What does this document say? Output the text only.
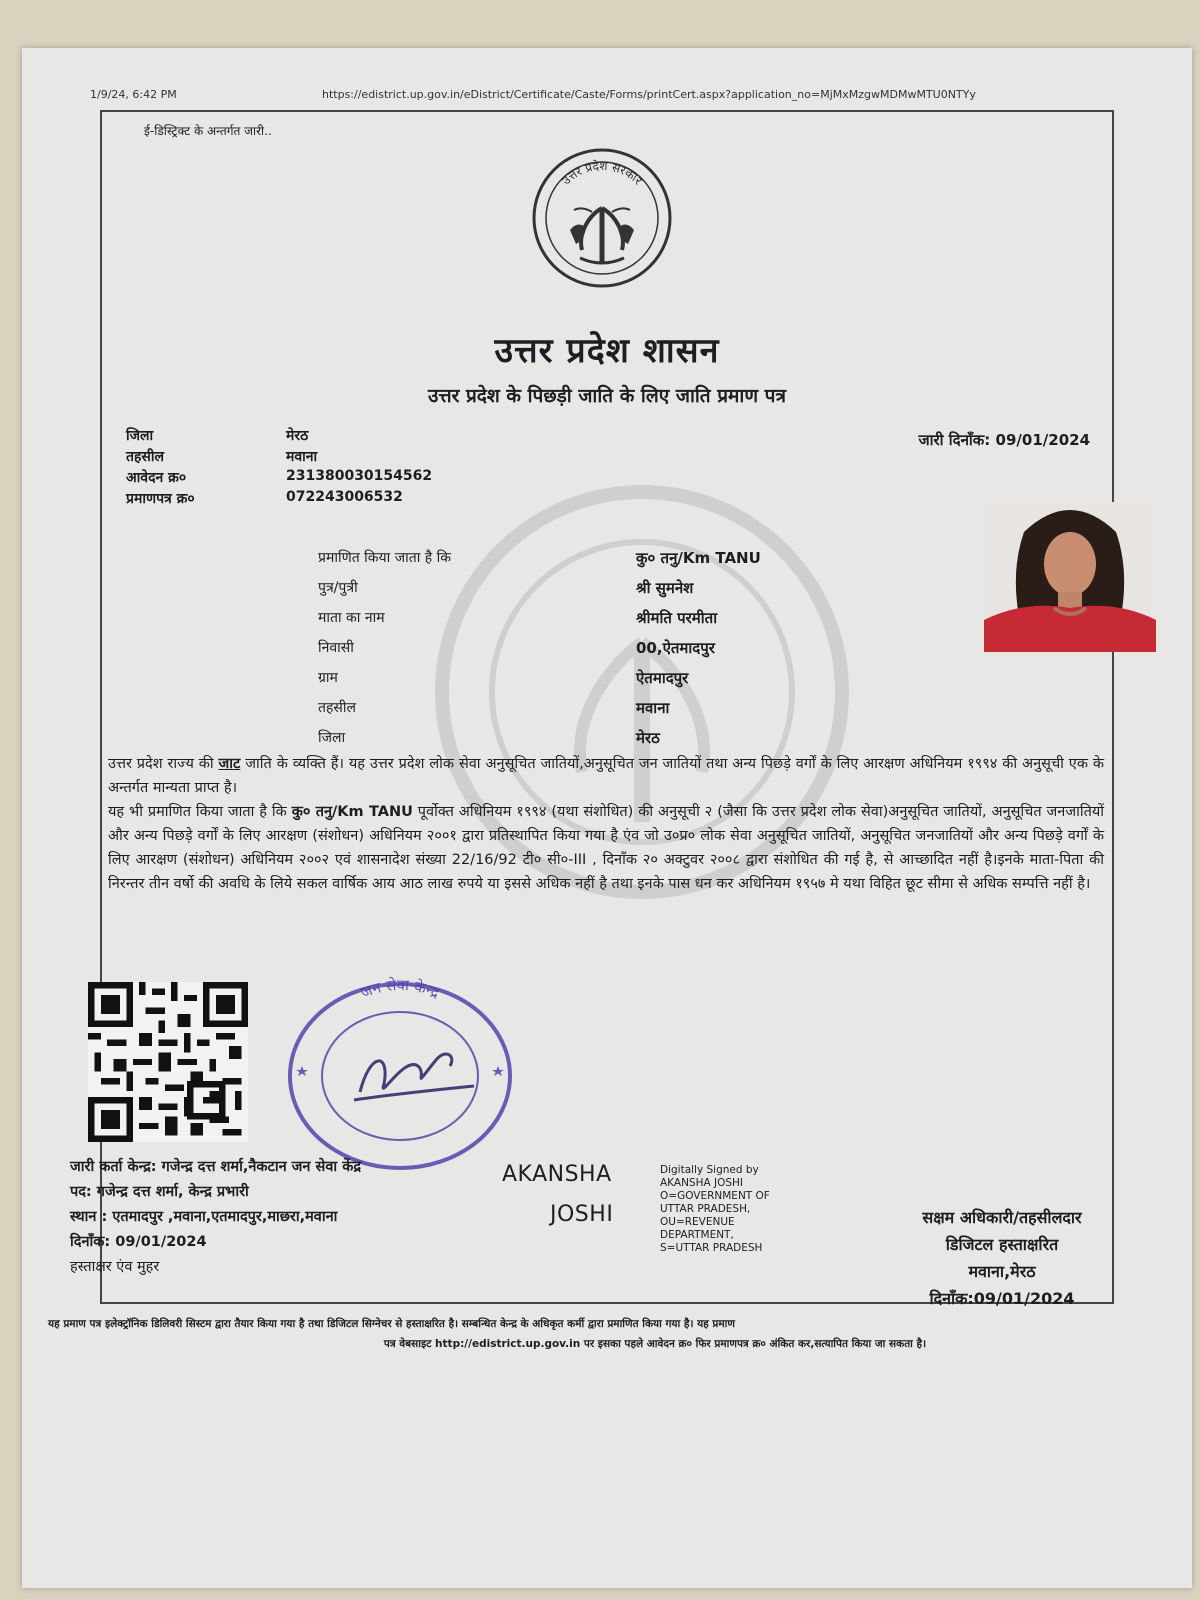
1/9/24, 6:42 PM	https://edistrict.up.gov.in/eDistrict/Certificate/Caste/Forms/printCert.aspx?application_no=MjMxMzgwMDMwMTU0NTYy
ई-डिस्ट्रिक्ट के अन्तर्गत जारी..
उत्तर प्रदेश सरकार
उत्तर प्रदेश शासन
उत्तर प्रदेश के पिछड़ी जाति के लिए जाति प्रमाण पत्र
जिला	मेरठ
तहसील	मवाना
आवेदन क्र०	231380030154562
प्रमाणपत्र क्र०	072243006532
जारी दिनाँक: 09/01/2024
प्रमाणित किया जाता है कि	कु० तनु/Km TANU
पुत्र/पुत्री	श्री सुमनेश
माता का नाम	श्रीमति परमीता
निवासी	00,ऐतमादपुर
ग्राम	ऐतमादपुर
तहसील	मवाना
जिला	मेरठ

उत्तर प्रदेश राज्य की जाट जाति के व्यक्ति हैं। यह उत्तर प्रदेश लोक सेवा अनुसूचित जातियों,अनुसूचित जन जातियों तथा अन्य पिछड़े वर्गों के लिए आरक्षण अधिनियम १९९४ की अनुसूची एक के अन्तर्गत मान्यता प्राप्त है।

यह भी प्रमाणित किया जाता है कि कु० तनु/Km TANU पूर्वोक्त अधिनियम १९९४ (यथा संशोधित) की अनुसूची २ (जैसा कि उत्तर प्रदेश लोक सेवा)अनुसूचित जातियों, अनुसूचित जनजातियों और अन्य पिछड़े वर्गों के लिए आरक्षण (संशोधन) अधिनियम २००१ द्वारा प्रतिस्थापित किया गया है एंव जो उ०प्र० लोक सेवा अनुसूचित जातियों, अनुसूचित जनजातियों और अन्य पिछड़े वर्गों के लिए आरक्षण (संशोधन) अधिनियम २००२ एवं शासनादेश संख्या 22/16/92 टी० सी०-III , दिनाँक २० अक्टुवर २००८ द्वारा संशोधित की गई है, से आच्छादित नहीं है।इनके माता-पिता की निरन्तर तीन वर्षो की अवधि के लिये सकल वार्षिक आय आठ लाख रुपये या इससे अधिक नहीं है तथा इनके पास धन कर अधिनियम १९५७ मे यथा विहित छूट सीमा से अधिक सम्पत्ति नहीं है।

जन सेवा केन्द्र
जारी कर्ता केन्द्र: गजेन्द्र दत्त शर्मा,नैकटान जन सेवा केंद्र
पद: गजेन्द्र दत्त शर्मा, केन्द्र प्रभारी
स्थान : एतमादपुर ,मवाना,एतमादपुर,माछरा,मवाना
दिनाँक: 09/01/2024
हस्ताक्षर एंव मुहर
AKANSHA
JOSHI
Digitally Signed by
AKANSHA JOSHI
O=GOVERNMENT OF
UTTAR PRADESH,
OU=REVENUE
DEPARTMENT,
S=UTTAR PRADESH
सक्षम अधिकारी/तहसीलदार
डिजिटल हस्ताक्षरित
मवाना,मेरठ
दिनाँक:09/01/2024
यह प्रमाण पत्र इलेक्ट्रॉनिक डिलिवरी सिस्टम द्वारा तैयार किया गया है तथा डिजिटल सिग्नेचर से हस्ताक्षरित है। सम्बन्धित केन्द्र के अधिकृत कर्मी द्वारा प्रमाणित किया गया है। यह प्रमाण
पत्र वेबसाइट http://edistrict.up.gov.in पर इसका पहले आवेदन क्र० फिर प्रमाणपत्र क्र० अंकित कर,सत्यापित किया जा सकता है।
